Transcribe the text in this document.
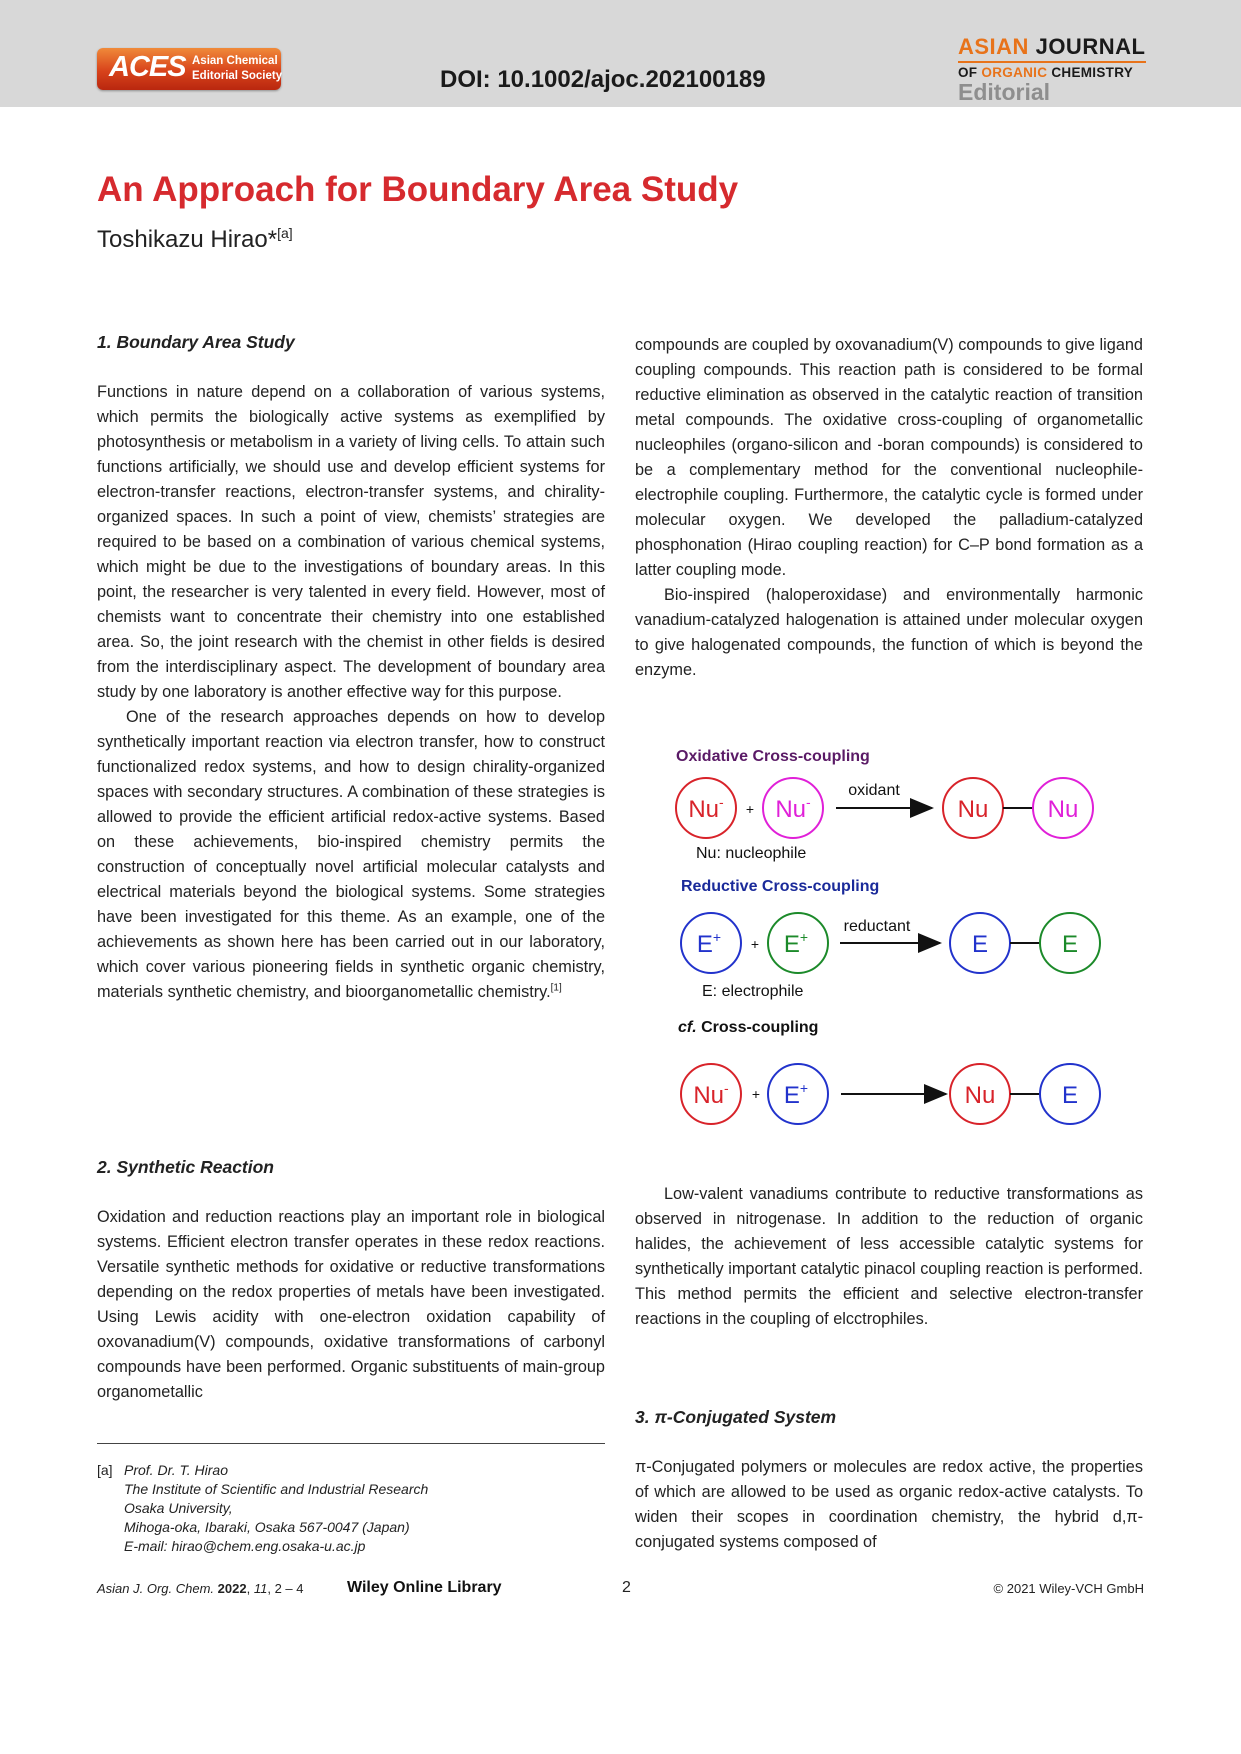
ACES Asian Chemical
Editorial Society	DOI: 10.1002/ajoc.202100189
ASIAN JOURNAL
OF ORGANIC CHEMISTRY
Editorial
An Approach for Boundary Area Study
Toshikazu Hirao*[a]
1. Boundary Area Study

Functions in nature depend on a collaboration of various systems, which permits the biologically active systems as exemplified by photosynthesis or metabolism in a variety of living cells. To attain such functions artificially, we should use and develop efficient systems for electron-transfer reactions, electron-transfer systems, and chirality-organized spaces. In such a point of view, chemists’ strategies are required to be based on a combination of various chemical systems, which might be due to the investigations of boundary areas. In this point, the researcher is very talented in every field. However, most of chemists want to concentrate their chemistry into one established area. So, the joint research with the chemist in other fields is desired from the interdisciplinary aspect. The development of boundary area study by one laboratory is another effective way for this purpose.

One of the research approaches depends on how to develop synthetically important reaction via electron transfer, how to construct functionalized redox systems, and how to design chirality-organized spaces with secondary structures. A combination of these strategies is allowed to provide the efficient artificial redox-active systems. Based on these achievements, bio-inspired chemistry permits the construction of conceptually novel artificial molecular catalysts and electrical materials beyond the biological systems. Some strategies have been investigated for this theme. As an example, one of the achievements as shown here has been carried out in our laboratory, which cover various pioneering fields in synthetic organic chemistry, materials synthetic chemistry, and bioorganometallic chemistry.[1]

2. Synthetic Reaction

Oxidation and reduction reactions play an important role in biological systems. Efficient electron transfer operates in these redox reactions. Versatile synthetic methods for oxidative or reductive transformations depending on the redox properties of metals have been investigated. Using Lewis acidity with one-electron oxidation capability of oxovanadium(V) compounds, oxidative transformations of carbonyl compounds have been performed. Organic substituents of main-group organometallic

compounds are coupled by oxovanadium(V) compounds to give ligand coupling compounds. This reaction path is considered to be formal reductive elimination as observed in the catalytic reaction of transition metal compounds. The oxidative cross-coupling of organometallic nucleophiles (organo-silicon and -boran compounds) is considered to be a complementary method for the conventional nucleophile-electrophile coupling. Furthermore, the catalytic cycle is formed under molecular oxygen. We developed the palladium-catalyzed phosphonation (Hirao coupling reaction) for C–P bond formation as a latter coupling mode.

Bio-inspired (haloperoxidase) and environmentally harmonic vanadium-catalyzed halogenation is attained under molecular oxygen to give halogenated compounds, the function of which is beyond the enzyme.

Oxidative Cross-coupling
Nu- + Nu-
oxidant
Nu Nu
Nu: nucleophile
Reductive Cross-coupling
E+ + E+
reductant
E	E
E: electrophile
cf. Cross-coupling
Nu- + E+	Nu	E

Low-valent vanadiums contribute to reductive transformations as observed in nitrogenase. In addition to the reduction of organic halides, the achievement of less accessible catalytic systems for synthetically important catalytic pinacol coupling reaction is performed. This method permits the efficient and selective electron-transfer reactions in the coupling of elcctrophiles.

3. π-Conjugated System

π-Conjugated polymers or molecules are redox active, the properties of which are allowed to be used as organic redox-active catalysts. To widen their scopes in coordination chemistry, the hybrid d,π-conjugated systems composed of

[a] Prof. Dr. T. Hirao
The Institute of Scientific and Industrial Research
Osaka University,
Mihoga-oka, Ibaraki, Osaka 567-0047 (Japan)
E-mail: hirao@chem.eng.osaka-u.ac.jp
Asian J. Org. Chem. 2022, 11, 2 – 4	Wiley Online Library	2	© 2021 Wiley-VCH GmbH
